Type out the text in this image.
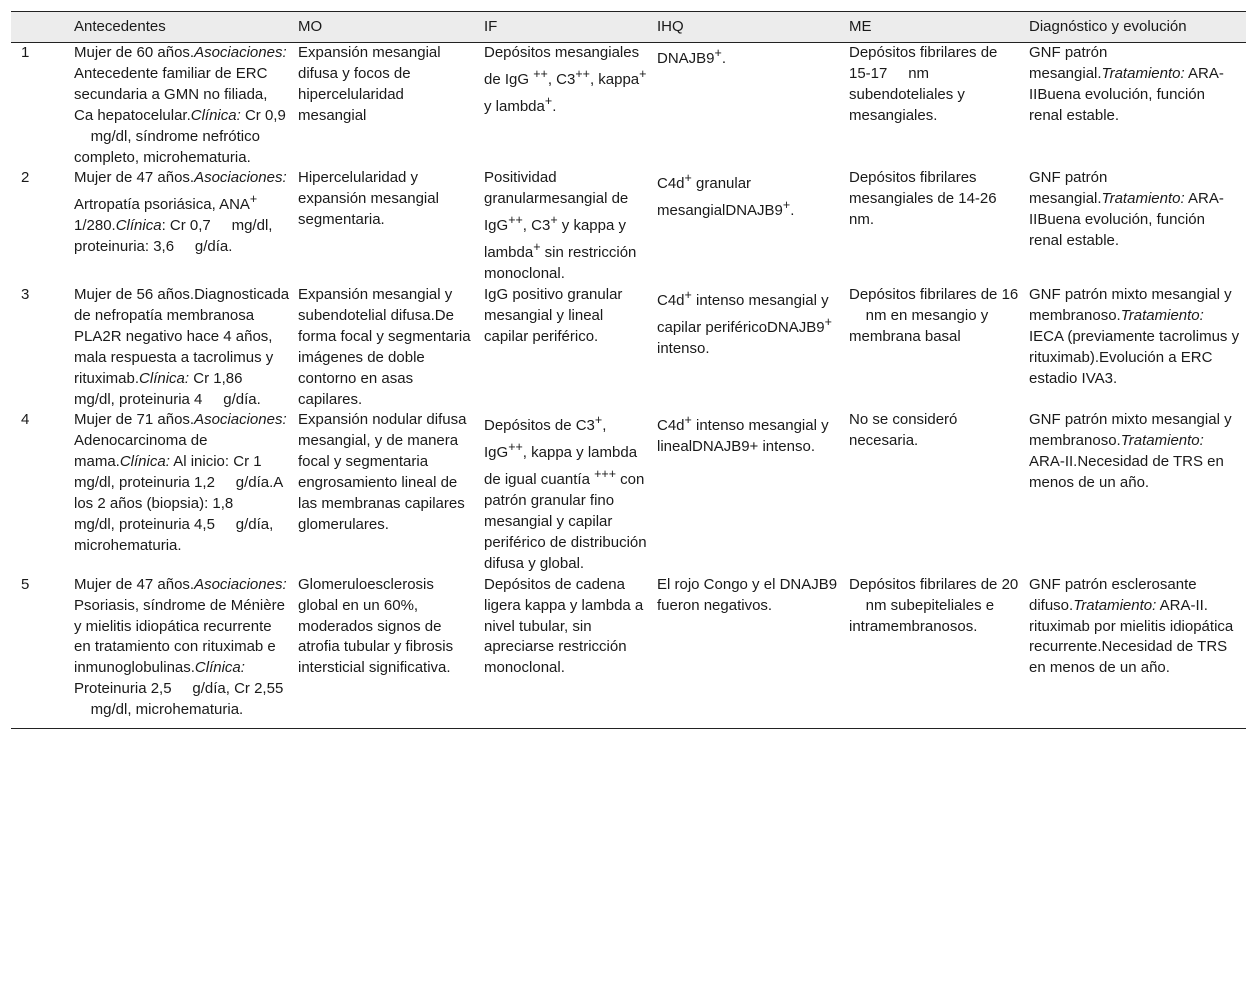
	Antecedentes	MO	IF	IHQ	ME	Diagnóstico y evolución
1	Mujer de 60 años.Asociaciones: Antecedente familiar de ERC secundaria a GMN no filiada, Ca hepatocelular.Clínica: Cr 0,9     mg/dl, síndrome nefrótico completo, microhematuria.	Expansión mesangial difusa y focos de hipercelularidad mesangial	Depósitos mesangiales de IgG ++, C3++, kappa+ y lambda+.	DNAJB9+.	Depósitos fibrilares de 15-17     nm subendoteliales y mesangiales.	GNF patrón mesangial.Tratamiento: ARA-IIBuena evolución, función renal estable.
2	Mujer de 47 años.Asociaciones: Artropatía psoriásica, ANA+ 1/280.Clínica: Cr 0,7     mg/dl, proteinuria: 3,6     g/día.	Hipercelularidad y expansión mesangial segmentaria.	Positividad granularmesangial de IgG++, C3+ y kappa y lambda+ sin restricción monoclonal.	C4d+ granular mesangialDNAJB9+.	Depósitos fibrilares mesangiales de 14-26     nm.	GNF patrón mesangial.Tratamiento: ARA-IIBuena evolución, función renal estable.
3	Mujer de 56 años.Diagnosticada de nefropatía membranosa PLA2R negativo hace 4 años, mala respuesta a tacrolimus y rituximab.Clínica: Cr 1,86     mg/dl, proteinuria 4     g/día.	Expansión mesangial y subendotelial difusa.De forma focal y segmentaria imágenes de doble contorno en asas capilares.	IgG positivo granular mesangial y lineal capilar periférico.	C4d+ intenso mesangial y capilar periféricoDNAJB9+ intenso.	Depósitos fibrilares de 16     nm en mesangio y membrana basal	GNF patrón mixto mesangial y membranoso.Tratamiento: IECA (previamente tacrolimus y rituximab).Evolución a ERC estadio IVA3.
4	Mujer de 71 años.Asociaciones: Adenocarcinoma de mama.Clínica: Al inicio: Cr 1     mg/dl, proteinuria 1,2     g/día.A los 2 años (biopsia): 1,8     mg/dl, proteinuria 4,5     g/día, microhematuria.	Expansión nodular difusa mesangial, y de manera focal y segmentaria engrosamiento lineal de las membranas capilares glomerulares.	Depósitos de C3+, IgG++, kappa y lambda de igual cuantía +++ con patrón granular fino mesangial y capilar periférico de distribución difusa y global.	C4d+ intenso mesangial y linealDNAJB9+ intenso.	No se consideró necesaria.	GNF patrón mixto mesangial y membranoso.Tratamiento: ARA-II.Necesidad de TRS en menos de un año.
5	Mujer de 47 años.Asociaciones: Psoriasis, síndrome de Ménière y mielitis idiopática recurrente en tratamiento con rituximab e inmunoglobulinas.Clínica: Proteinuria 2,5     g/día, Cr 2,55     mg/dl, microhematuria.	Glomeruloesclerosis global en un 60%, moderados signos de atrofia tubular y fibrosis intersticial significativa.	Depósitos de cadena ligera kappa y lambda a nivel tubular, sin apreciarse restricción monoclonal.	El rojo Congo y el DNAJB9 fueron negativos.	Depósitos fibrilares de 20     nm subepiteliales e intramembranosos.	GNF patrón esclerosante difuso.Tratamiento: ARA-II. rituximab por mielitis idiopática recurrente.Necesidad de TRS en menos de un año.
